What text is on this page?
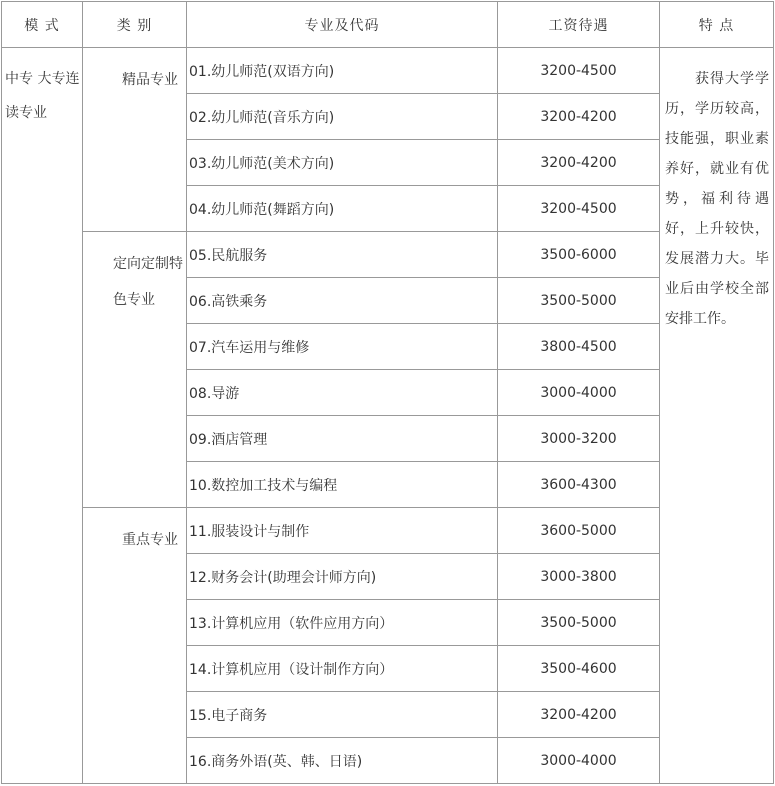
模 式	类 别	专业及代码	工资待遇	特 点
中专 大专连读专业	精品专业	01.幼儿师范(双语方向)	3200-4500	　　获得大学学历，学历较高，技能强，职业素养好，就业有优势，福利待遇好，上升较快，发展潜力大。毕业后由学校全部安排工作。
		02.幼儿师范(音乐方向)	3200-4200	
		03.幼儿师范(美术方向)	3200-4200	
		04.幼儿师范(舞蹈方向)	3200-4500	
	定向定制特色专业	05.民航服务	3500-6000	
		06.高铁乘务	3500-5000	
		07.汽车运用与维修	3800-4500	
		08.导游	3000-4000	
		09.酒店管理	3000-3200	
		10.数控加工技术与编程	3600-4300	
	重点专业	11.服装设计与制作	3600-5000	
		12.财务会计(助理会计师方向)	3000-3800	
		13.计算机应用（软件应用方向）	3500-5000	
		14.计算机应用（设计制作方向）	3500-4600	
		15.电子商务	3200-4200	
		16.商务外语(英、韩、日语)	3000-4000	
